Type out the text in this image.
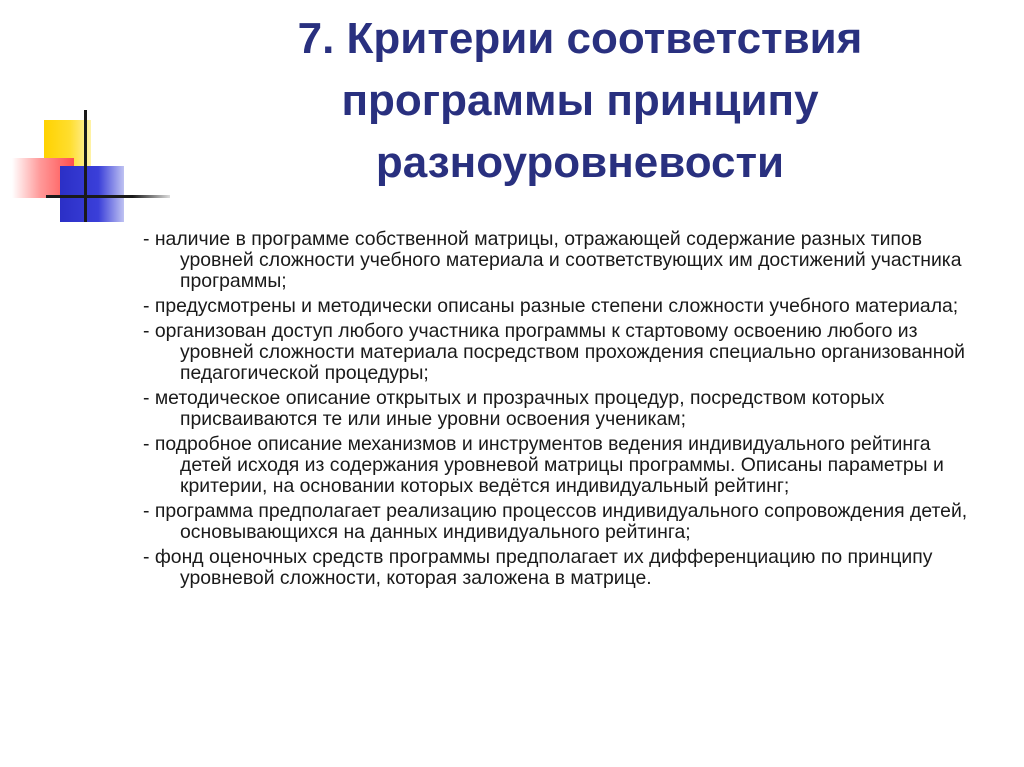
7. Критерии соответствия
программы принципу
разноуровневости
- наличие в программе собственной матрицы, отражающей содержание разных типов уровней сложности учебного материала и соответствующих им достижений участника программы;
- предусмотрены и методически описаны разные степени сложности учебного материала;
- организован доступ любого участника программы к стартовому освоению любого из уровней сложности материала посредством прохождения специально организованной педагогической процедуры;
- методическое описание открытых и прозрачных процедур, посредством которых присваиваются те или иные уровни освоения ученикам;
- подробное описание механизмов и инструментов ведения индивидуального рейтинга детей исходя из содержания уровневой матрицы программы. Описаны параметры и критерии, на основании которых ведётся индивидуальный рейтинг;
- программа предполагает реализацию процессов индивидуального сопровождения детей, основывающихся на данных индивидуального рейтинга;
- фонд оценочных средств программы предполагает их дифференциацию по принципу уровневой сложности, которая заложена в матрице.
